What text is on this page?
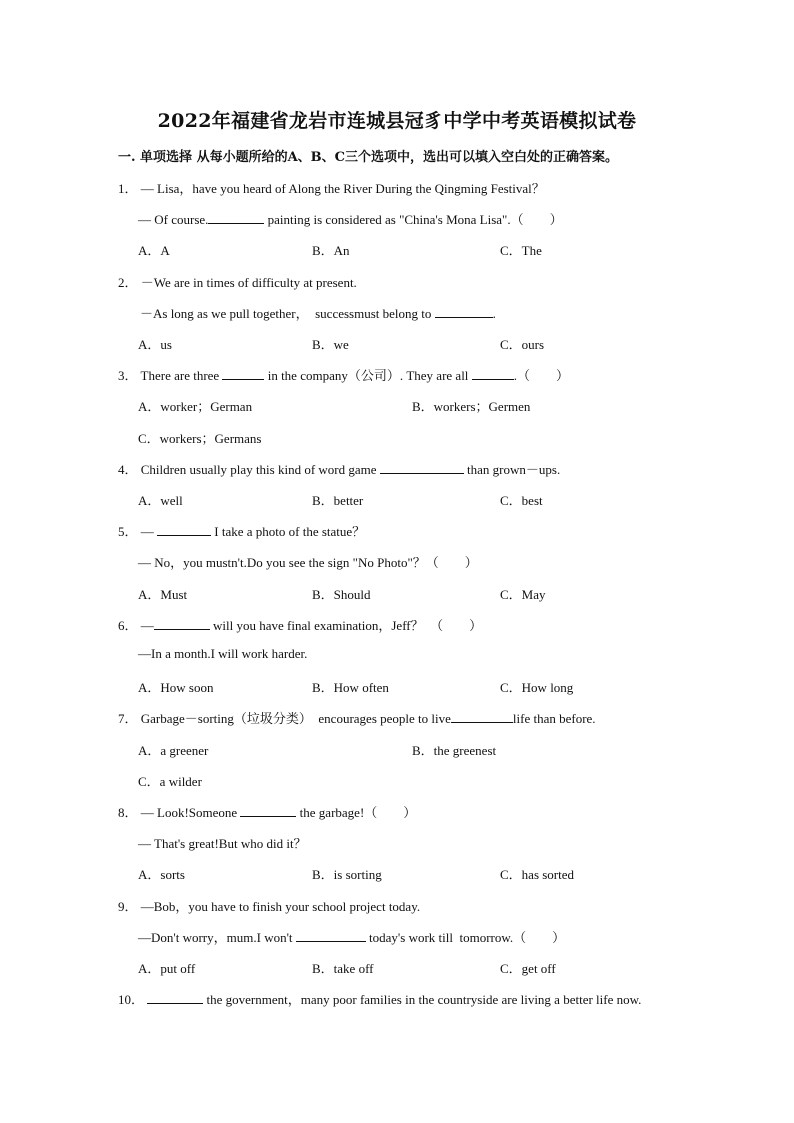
2022年福建省龙岩市连城县冠豸中学中考英语模拟试卷
一. 单项选择 从每小题所给的A、B、C三个选项中，选出可以填入空白处的正确答案。
1． — Lisa，have you heard of Along the River During the Qingming Festival？
— Of course.	painting is considered as "China's Mona Lisa".（　　）
A．A	B．An	C．The
2． －We are in times of difficulty at present.
－As long as we pull together，  successmust belong to	.
A．us	B．we	C．ours
3． There are three	in the company（公司）. They are all	.（　　）
A．worker；German	B．workers；Germen
C．workers；Germans
4． Children usually play this kind of word game	than grown－ups.
A．well	B．better	C．best
5． —	I take a photo of the statue？
— No，you mustn't.Do you see the sign "No Photo"？（　　）
A．Must	B．Should	C．May
6． —	will you have final examination，Jeff？　（　　）
—In a month.I will work harder.
A．How soon	B．How often	C．How long
7． Garbage－sorting（垃圾分类）  encourages people to live	life than before.
A．a greener	B．the greenest
C．a wilder
8． — Look!Someone	the garbage!（　　）
— That's great!But who did it？
A．sorts	B．is sorting	C．has sorted
9． —Bob，you have to finish your school project today.
—Don't worry，mum.I won't	today's work till  tomorrow.（　　）
A．put off	B．take off	C．get off
10．	the government，many poor families in the countryside are living a better life now.
